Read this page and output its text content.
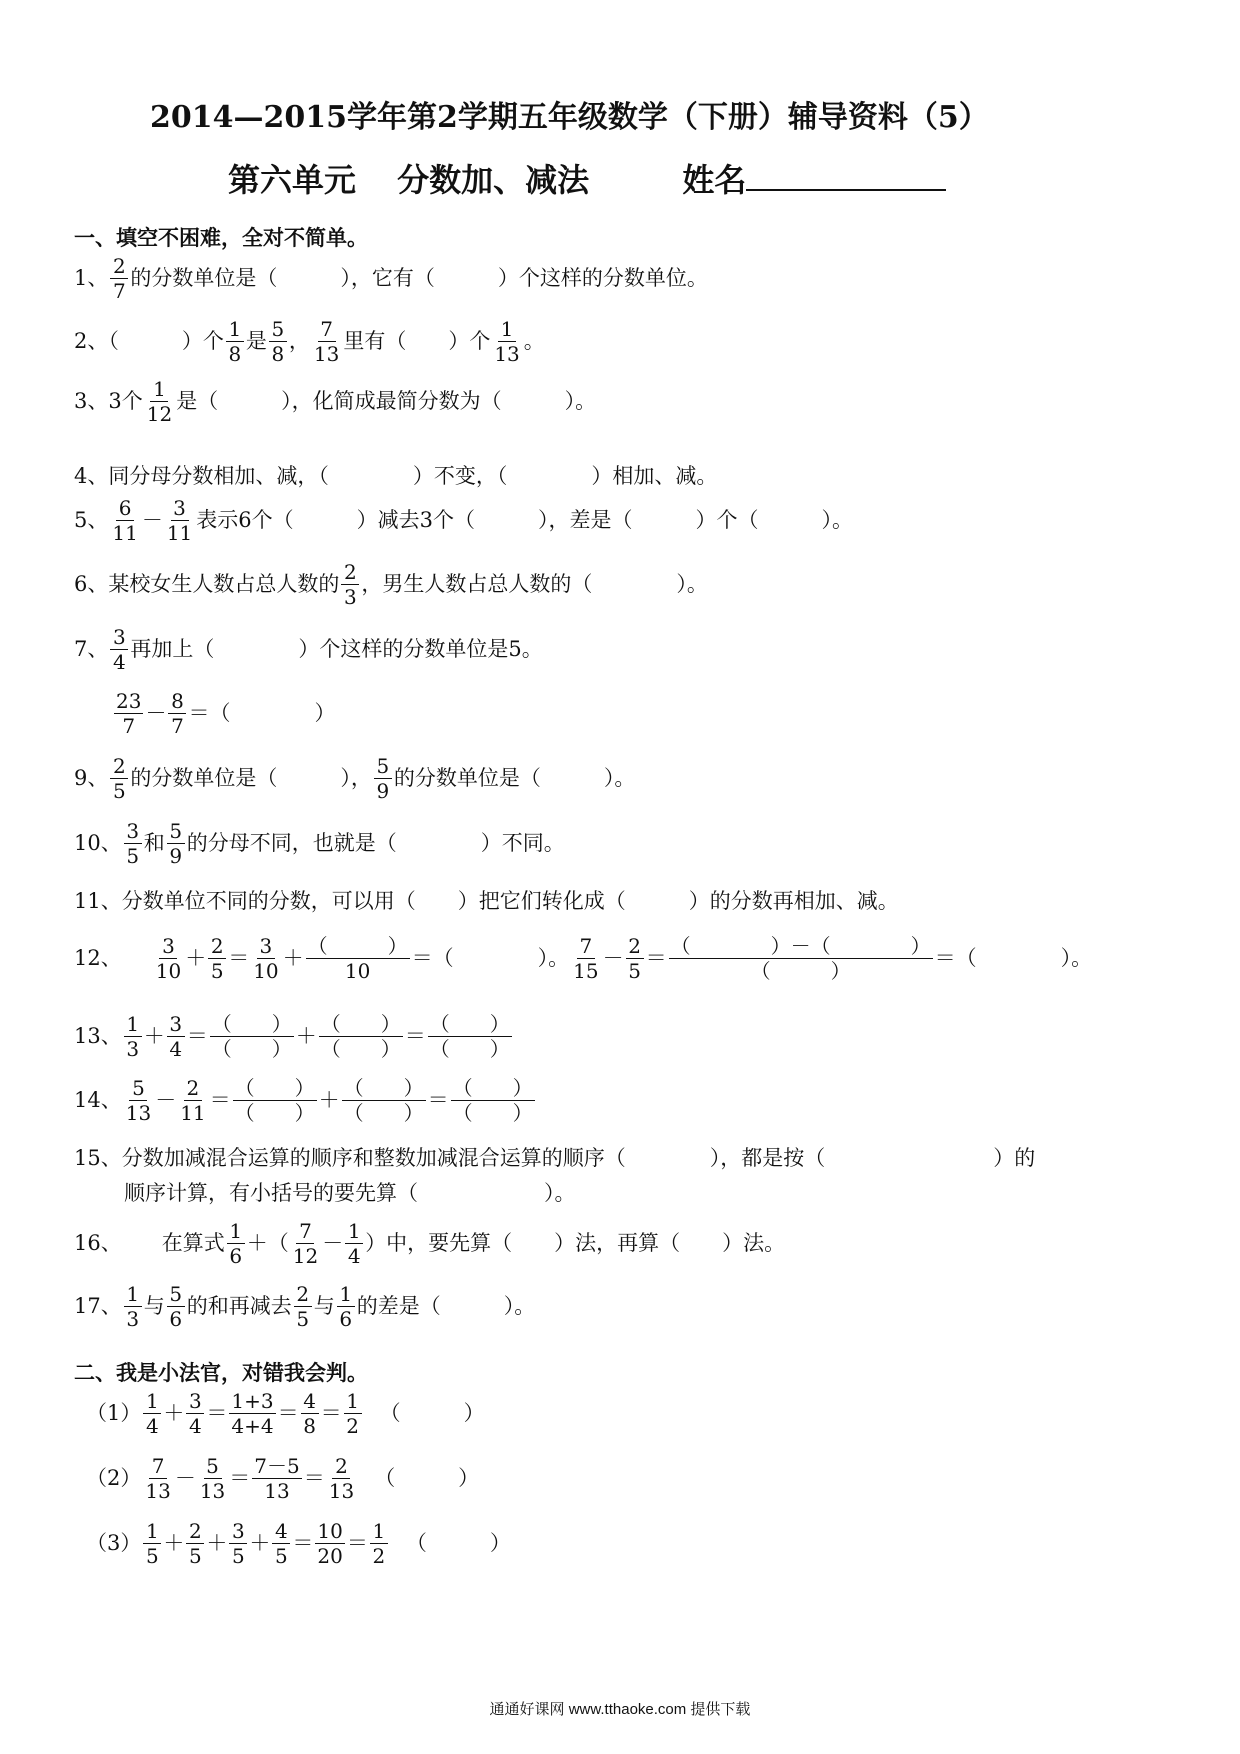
2014—2015学年第2学期五年级数学（下册）辅导资料（5）
第六单元 分数加、减法	姓名
一、填空不困难，全对不简单。
1、 $\frac{2}{7}$ 的分数单位是（　　　），它有（　　　）个这样的分数单位。
2、（　　　）个 $\frac{1}{8}$ 是 $\frac{5}{8}$ ， $\frac{7}{13}$ 里有（　　）个 $\frac{1}{13}$ 。
3、3个 $\frac{1}{12}$ 是（　　　），化简成最简分数为（　　　）。
4、同分母分数相加、减，（　　　　）不变，（　　　　）相加、减。
5、 $\frac{6}{11} - \frac{3}{11}$ 表示6个（　　　）减去3个（　　　），差是（　　　）个（　　　）。
6、某校女生人数占总人数的 $\frac{2}{3}$ ，男生人数占总人数的（　　　　）。
7、 $\frac{3}{4}$ 再加上（　　　　）个这样的分数单位是5。
$\frac{23}{7} - \frac{8}{7}$ ＝（　　　　）
9、 $\frac{2}{5}$ 的分数单位是（　　　）， $\frac{5}{9}$ 的分数单位是（　　　）。
10、 $\frac{3}{5}$ 和 $\frac{5}{9}$ 的分母不同，也就是（　　　　）不同。
11、分数单位不同的分数，可以用（　　）把它们转化成（　　　）的分数再相加、减。
12、 $\frac{3}{10} + \frac{2}{5} = \frac{3}{10} + \frac{( )}{10}$ ＝（　　　　）。 $\frac{7}{15} - \frac{2}{5} = \frac{( )-( )}{( )}$ ＝（　　　　）。
13、 $\frac{1}{3} + \frac{3}{4} = \frac{( )}{( )} + \frac{( )}{( )} = \frac{( )}{( )}$
14、 $\frac{5}{13} - \frac{2}{11} = \frac{( )}{( )} + \frac{( )}{( )} = \frac{( )}{( )}$
15、分数加减混合运算的顺序和整数加减混合运算的顺序（　　　　），都是按（　　　　　　　　）的
顺序计算，有小括号的要先算（　　　　　　）。
16、 在算式 $\frac{1}{6}$ ＋（ $\frac{7}{12} - \frac{1}{4}$ ）中，要先算（　　）法，再算（　　）法。
17、 $\frac{1}{3}$ 与 $\frac{5}{6}$ 的和再减去 $\frac{2}{5}$ 与 $\frac{1}{6}$ 的差是（　　　）。
二、我是小法官，对错我会判。
$(1) \frac{1}{4} + \frac{3}{4} = \frac{1+3}{4+4} = \frac{4}{8} = \frac{1}{2}$ （　　　）
$(2) \frac{7}{13} - \frac{5}{13} = \frac{7-5}{13} = \frac{2}{13}$ （　　　）
$(3) \frac{1}{5} + \frac{2}{5} + \frac{3}{5} + \frac{4}{5} = \frac{10}{20} = \frac{1}{2}$ （　　　）
通通好课网 www.tthaoke.com 提供下载
